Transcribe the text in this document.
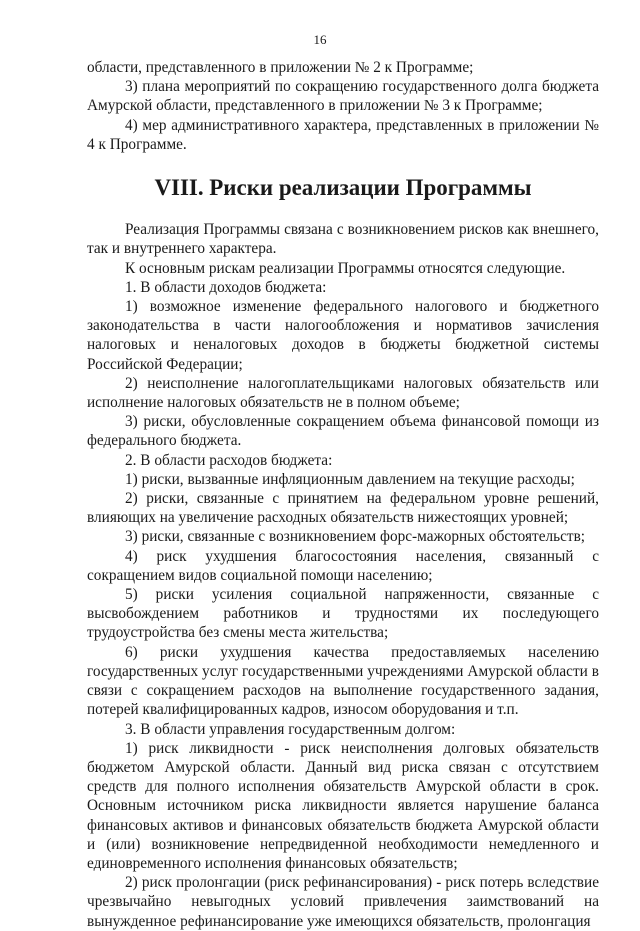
16

области, представленного в приложении № 2 к Программе;

3) плана мероприятий по сокращению государственного долга бюджета Амурской области, представленного в приложении № 3 к Программе;

4) мер административного характера, представленных в приложении № 4 к Программе.

VIII. Риски реализации Программы

Реализация Программы связана с возникновением рисков как внешнего, так и внутреннего характера.

К основным рискам реализации Программы относятся следующие.

1. В области доходов бюджета:

1) возможное изменение федерального налогового и бюджетного законодательства в части налогообложения и нормативов зачисления налоговых и неналоговых доходов в бюджеты бюджетной системы Российской Федерации;

2) неисполнение налогоплательщиками налоговых обязательств или исполнение налоговых обязательств не в полном объеме;

3) риски, обусловленные сокращением объема финансовой помощи из федерального бюджета.

2. В области расходов бюджета:

1) риски, вызванные инфляционным давлением на текущие расходы;

2) риски, связанные с принятием на федеральном уровне решений, влияющих на увеличение расходных обязательств нижестоящих уровней;

3) риски, связанные с возникновением форс-мажорных обстоятельств;

4) риск ухудшения благосостояния населения, связанный с сокращением видов социальной помощи населению;

5) риски усиления социальной напряженности, связанные с высвобождением работников и трудностями их последующего трудоустройства без смены места жительства;

6) риски ухудшения качества предоставляемых населению государственных услуг государственными учреждениями Амурской области в связи с сокращением расходов на выполнение государственного задания, потерей квалифицированных кадров, износом оборудования и т.п.

3. В области управления государственным долгом:

1) риск ликвидности - риск неисполнения долговых обязательств бюджетом Амурской области. Данный вид риска связан с отсутствием средств для полного исполнения обязательств Амурской области в срок. Основным источником риска ликвидности является нарушение баланса финансовых активов и финансовых обязательств бюджета Амурской области и (или) возникновение непредвиденной необходимости немедленного и единовременного исполнения финансовых обязательств;

2) риск пролонгации (риск рефинансирования) - риск потерь вследствие чрезвычайно невыгодных условий привлечения заимствований на вынужденное рефинансирование уже имеющихся обязательств, пролонгация
